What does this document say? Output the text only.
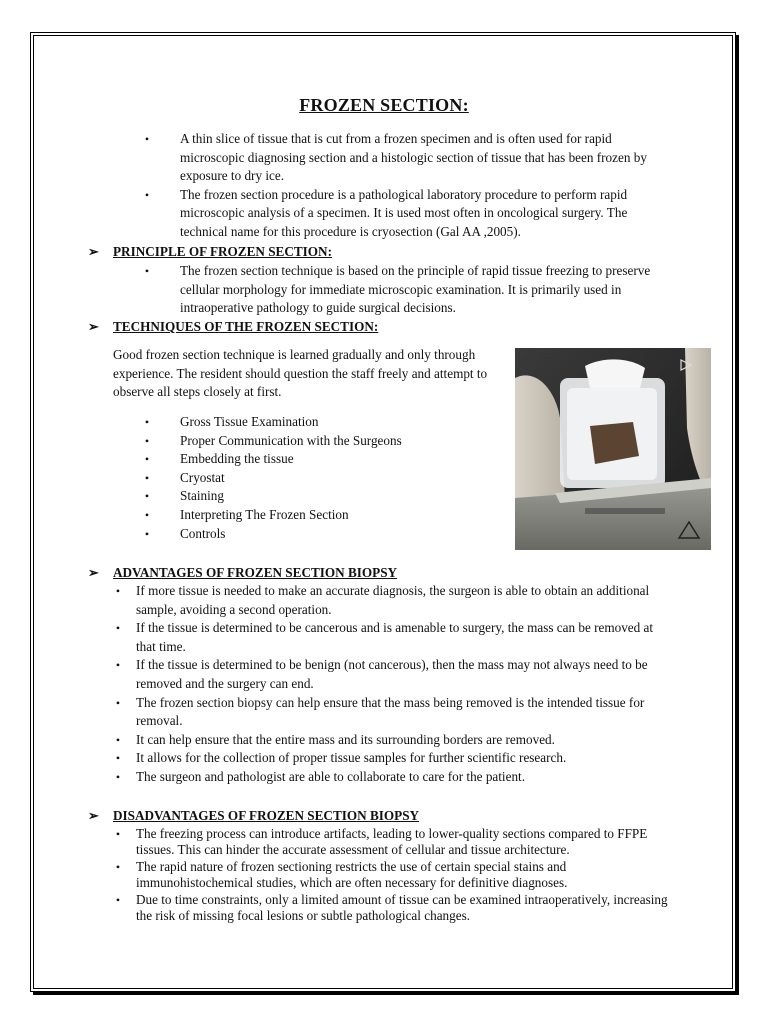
FROZEN SECTION:
•	A thin slice of tissue that is cut from a frozen specimen and is often used for rapid microscopic diagnosing section and a histologic section of tissue that has been frozen by exposure to dry ice.
•	The frozen section procedure is a pathological laboratory procedure to perform rapid microscopic analysis of a specimen. It is used most often in oncological surgery. The technical name for this procedure is cryosection (Gal AA ,2005).
➢ PRINCIPLE OF FROZEN SECTION:
•	The frozen section technique is based on the principle of rapid tissue freezing to preserve cellular morphology for immediate microscopic examination. It is primarily used in intraoperative pathology to guide surgical decisions.
➢ TECHNIQUES OF THE FROZEN SECTION:
Good frozen section technique is learned gradually and only through experience. The resident should question the staff freely and attempt to observe all steps closely at first.
•	Gross Tissue Examination
•	Proper Communication with the Surgeons
•	Embedding the tissue
•	Cryostat
•	Staining
•	Interpreting The Frozen Section
•	Controls
➢ ADVANTAGES OF FROZEN SECTION BIOPSY
• If more tissue is needed to make an accurate diagnosis, the surgeon is able to obtain an additional sample, avoiding a second operation.
• If the tissue is determined to be cancerous and is amenable to surgery, the mass can be removed at that time.
• If the tissue is determined to be benign (not cancerous), then the mass may not always need to be removed and the surgery can end.
• The frozen section biopsy can help ensure that the mass being removed is the intended tissue for removal.
• It can help ensure that the entire mass and its surrounding borders are removed.
• It allows for the collection of proper tissue samples for further scientific research.
• The surgeon and pathologist are able to collaborate to care for the patient.
➢ DISADVANTAGES OF FROZEN SECTION BIOPSY
• The freezing process can introduce artifacts, leading to lower-quality sections compared to FFPE tissues. This can hinder the accurate assessment of cellular and tissue architecture.
• The rapid nature of frozen sectioning restricts the use of certain special stains and immunohistochemical studies, which are often necessary for definitive diagnoses.
• Due to time constraints, only a limited amount of tissue can be examined intraoperatively, increasing the risk of missing focal lesions or subtle pathological changes.
